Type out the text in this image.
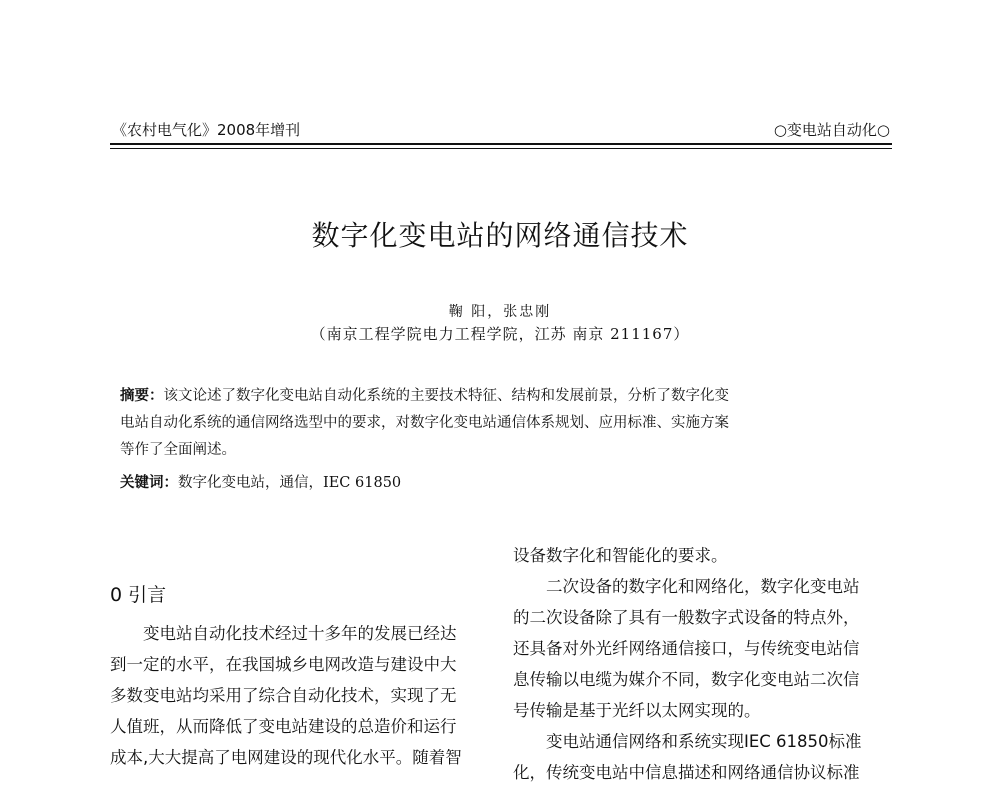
《农村电气化》2008年增刊	○变电站自动化○
数字化变电站的网络通信技术
鞠 阳，张忠刚
（南京工程学院电力工程学院，江苏 南京 211167）
摘要：该文论述了数字化变电站自动化系统的主要技术特征、结构和发展前景，分析了数字化变
电站自动化系统的通信网络选型中的要求，对数字化变电站通信体系规划、应用标准、实施方案
等作了全面阐述。
关键词：数字化变电站，通信，IEC 61850
0 引言
　　变电站自动化技术经过十多年的发展已经达
到一定的水平，在我国城乡电网改造与建设中大
多数变电站均采用了综合自动化技术，实现了无
人值班，从而降低了变电站建设的总造价和运行
成本,大大提高了电网建设的现代化水平。随着智
设备数字化和智能化的要求。
　　二次设备的数字化和网络化，数字化变电站
的二次设备除了具有一般数字式设备的特点外，
还具备对外光纤网络通信接口，与传统变电站信
息传输以电缆为媒介不同，数字化变电站二次信
号传输是基于光纤以太网实现的。
　　变电站通信网络和系统实现IEC 61850标准
化，传统变电站中信息描述和网络通信协议标准
